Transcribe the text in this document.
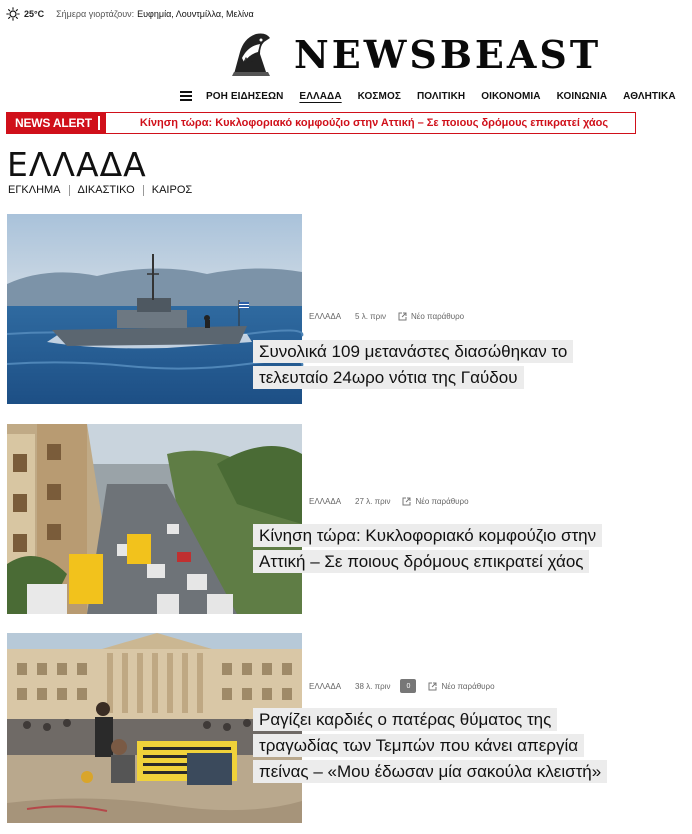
25°C Σήμερα γιορτάζουν: Ευφημία, Λουντμίλλα, Μελίνα
NEWSBEAST
ΡΟΗ ΕΙΔΗΣΕΩΝ ΕΛΛΑΔΑ ΚΟΣΜΟΣ ΠΟΛΙΤΙΚΗ ΟΙΚΟΝΟΜΙΑ ΚΟΙΝΩΝΙΑ ΑΘΛΗΤΙΚΑ
NEWS ALERT	Κίνηση τώρα: Κυκλοφοριακό κομφούζιο στην Αττική – Σε ποιους δρόμους επικρατεί χάος
ΕΛΛΑΔΑ
ΕΓΚΛΗΜΑ ΔΙΚΑΣΤΙΚΟ ΚΑΙΡΟΣ
ΕΛΛΑΔΑ 5 λ. πριν	Νέο παράθυρο
Συνολικά 109 μετανάστες διασώθηκαν το τελευταίο 24ωρο νότια της Γαύδου
ΕΛΛΑΔΑ 27 λ. πριν	Νέο παράθυρο
Κίνηση τώρα: Κυκλοφοριακό κομφούζιο στην Αττική – Σε ποιους δρόμους επικρατεί χάος
ΕΛΛΑΔΑ 38 λ. πριν	0	Νέο παράθυρο
Ραγίζει καρδιές ο πατέρας θύματος της τραγωδίας των Τεμπών που κάνει απεργία πείνας – «Μου έδωσαν μία σακούλα κλειστή»
